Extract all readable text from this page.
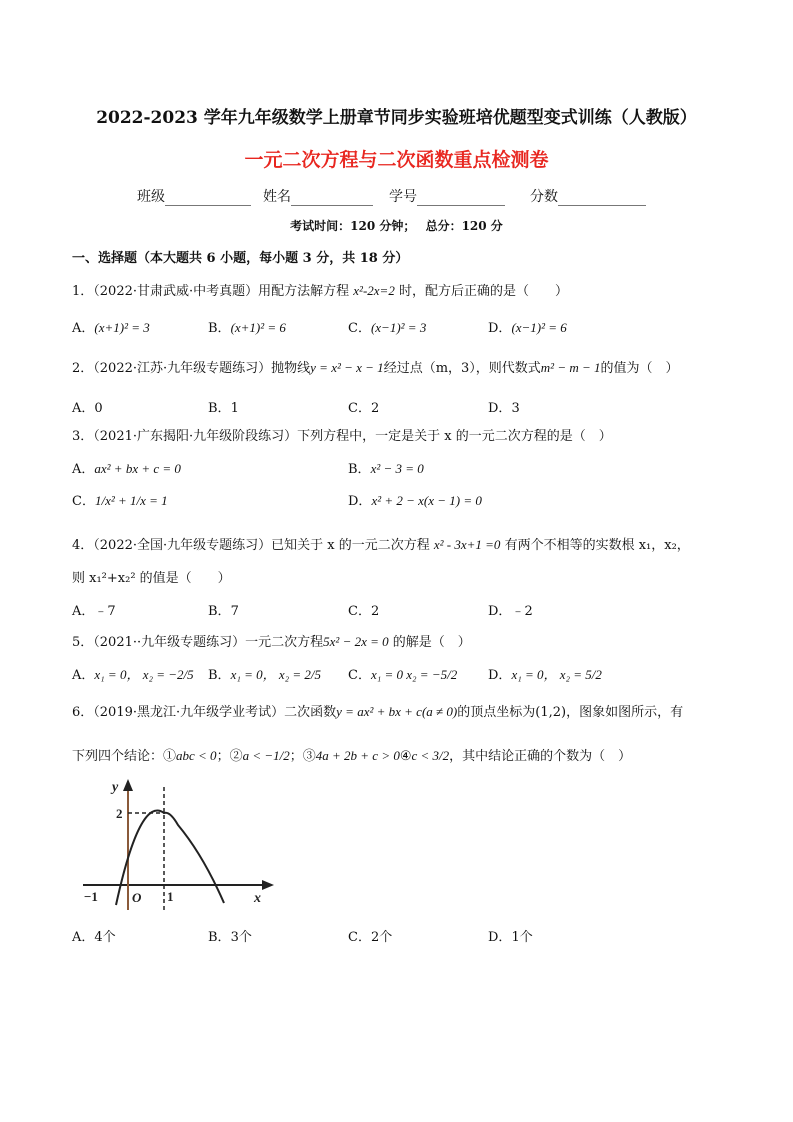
2022-2023 学年九年级数学上册章节同步实验班培优题型变式训练（人教版）
一元二次方程与二次函数重点检测卷
班级	姓名	学号	分数
考试时间：120 分钟；　 总分：120 分
一、选择题（本大题共 6 小题，每小题 3 分，共 18 分）
1．（2022·甘肃武威·中考真题）用配方法解方程 x²-2x=2 时，配方后正确的是（　　）
A．(x+1)² = 3	B．(x+1)² = 6	C．(x−1)² = 3	D．(x−1)² = 6
2．（2022·江苏·九年级专题练习）抛物线y = x² − x − 1经过点（m，3），则代数式m² − m − 1的值为（　）
A．0	B．1	C．2	D．3
3．（2021·广东揭阳·九年级阶段练习）下列方程中，一定是关于 x 的一元二次方程的是（　）
A．ax² + bx + c = 0	B．x² − 3 = 0
C．1/x² + 1/x = 1	D．x² + 2 − x(x − 1) = 0
4．（2022·全国·九年级专题练习）已知关于 x 的一元二次方程 x² - 3x+1 =0 有两个不相等的实数根 x₁，x₂，
则 x₁²+x₂² 的值是（　　）
A．﹣7	B．7	C．2	D．﹣2
5．（2021··九年级专题练习）一元二次方程5x² − 2x = 0 的解是（　）
A．x₁ = 0， x₂ = −2/5 B．x₁ = 0， x₂ = 2/5 C．x₁ = 0 x₂ = −5/2 D．x₁ = 0， x₂ = 5/2
6．（2019·黑龙江·九年级学业考试）二次函数y = ax² + bx + c(a ≠ 0)的顶点坐标为(1,2)，图象如图所示，有
下列四个结论：①abc < 0；②a < −1/2；③4a + 2b + c > 0④c < 3/2，其中结论正确的个数为（　）
y
2
−1	O 1	x
A．4个	B．3个	C．2个	D．1个
